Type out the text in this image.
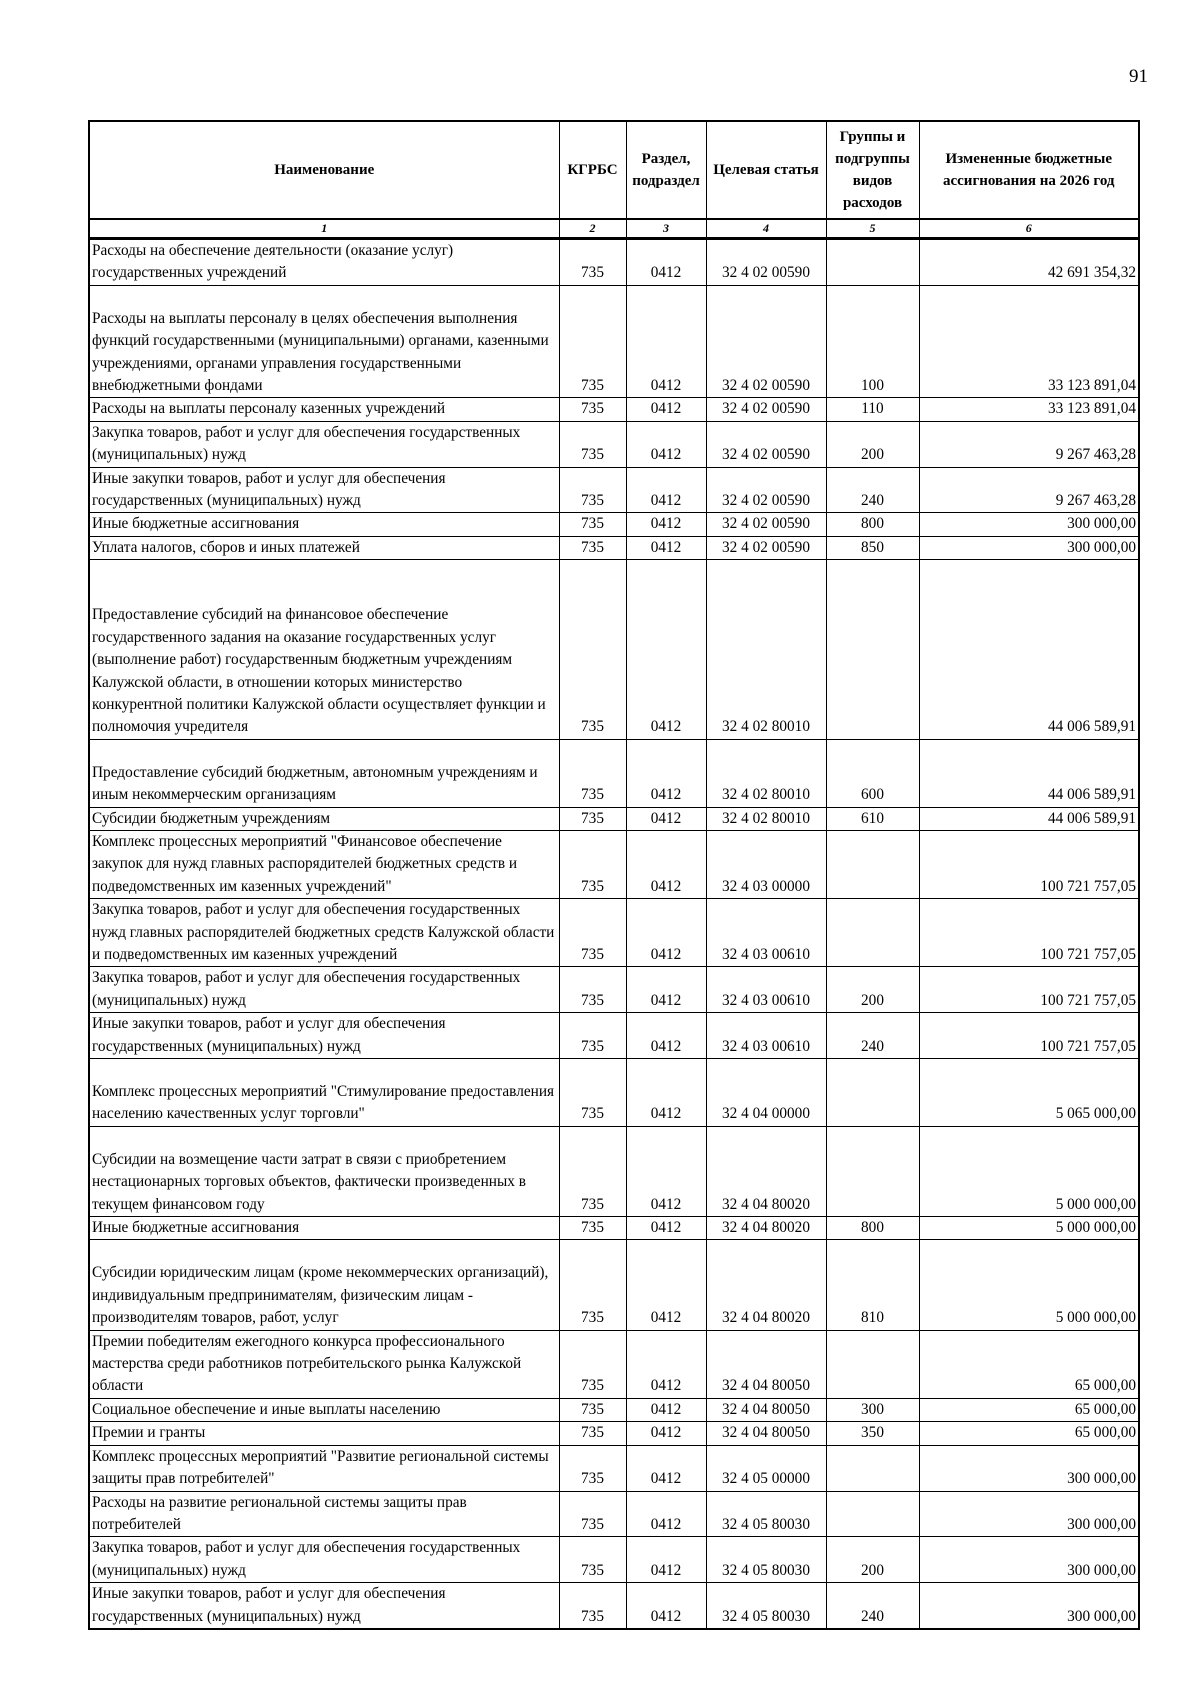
91
Наименование	КГРБС	Раздел, подраздел	Целевая статья	Группы и подгруппы видов расходов	Измененные бюджетные ассигнования на 2026 год
1	2	3	4	5	6
Расходы на обеспечение деятельности (оказание услуг) государственных учреждений	735	0412	32 4 02 00590		42 691 354,32
Расходы на выплаты персоналу в целях обеспечения выполнения функций государственными (муниципальными) органами, казенными учреждениями, органами управления государственными внебюджетными фондами	735	0412	32 4 02 00590	100	33 123 891,04
Расходы на выплаты персоналу казенных учреждений	735	0412	32 4 02 00590	110	33 123 891,04
Закупка товаров, работ и услуг для обеспечения государственных (муниципальных) нужд	735	0412	32 4 02 00590	200	9 267 463,28
Иные закупки товаров, работ и услуг для обеспечения государственных (муниципальных) нужд	735	0412	32 4 02 00590	240	9 267 463,28
Иные бюджетные ассигнования	735	0412	32 4 02 00590	800	300 000,00
Уплата налогов, сборов и иных платежей	735	0412	32 4 02 00590	850	300 000,00
Предоставление субсидий на финансовое обеспечение государственного задания на оказание государственных услуг (выполнение работ) государственным бюджетным учреждениям Калужской области, в отношении которых министерство конкурентной политики Калужской области осуществляет функции и полномочия учредителя	735	0412	32 4 02 80010		44 006 589,91
Предоставление субсидий бюджетным, автономным учреждениям и иным некоммерческим организациям	735	0412	32 4 02 80010	600	44 006 589,91
Субсидии бюджетным учреждениям	735	0412	32 4 02 80010	610	44 006 589,91
Комплекс процессных мероприятий "Финансовое обеспечение закупок для нужд главных распорядителей бюджетных средств и подведомственных им казенных учреждений"	735	0412	32 4 03 00000		100 721 757,05
Закупка товаров, работ и услуг для обеспечения государственных нужд главных распорядителей бюджетных средств Калужской области и подведомственных им казенных учреждений	735	0412	32 4 03 00610		100 721 757,05
Закупка товаров, работ и услуг для обеспечения государственных (муниципальных) нужд	735	0412	32 4 03 00610	200	100 721 757,05
Иные закупки товаров, работ и услуг для обеспечения государственных (муниципальных) нужд	735	0412	32 4 03 00610	240	100 721 757,05
Комплекс процессных мероприятий "Стимулирование предоставления населению качественных услуг торговли"	735	0412	32 4 04 00000		5 065 000,00
Субсидии на возмещение части затрат в связи с приобретением нестационарных торговых объектов, фактически произведенных в текущем финансовом году	735	0412	32 4 04 80020		5 000 000,00
Иные бюджетные ассигнования	735	0412	32 4 04 80020	800	5 000 000,00
Субсидии юридическим лицам (кроме некоммерческих организаций), индивидуальным предпринимателям, физическим лицам - производителям товаров, работ, услуг	735	0412	32 4 04 80020	810	5 000 000,00
Премии победителям ежегодного конкурса профессионального мастерства среди работников потребительского рынка Калужской области	735	0412	32 4 04 80050		65 000,00
Социальное обеспечение и иные выплаты населению	735	0412	32 4 04 80050	300	65 000,00
Премии и гранты	735	0412	32 4 04 80050	350	65 000,00
Комплекс процессных мероприятий "Развитие региональной системы защиты прав потребителей"	735	0412	32 4 05 00000		300 000,00
Расходы на развитие региональной системы защиты прав потребителей	735	0412	32 4 05 80030		300 000,00
Закупка товаров, работ и услуг для обеспечения государственных (муниципальных) нужд	735	0412	32 4 05 80030	200	300 000,00
Иные закупки товаров, работ и услуг для обеспечения государственных (муниципальных) нужд	735	0412	32 4 05 80030	240	300 000,00
